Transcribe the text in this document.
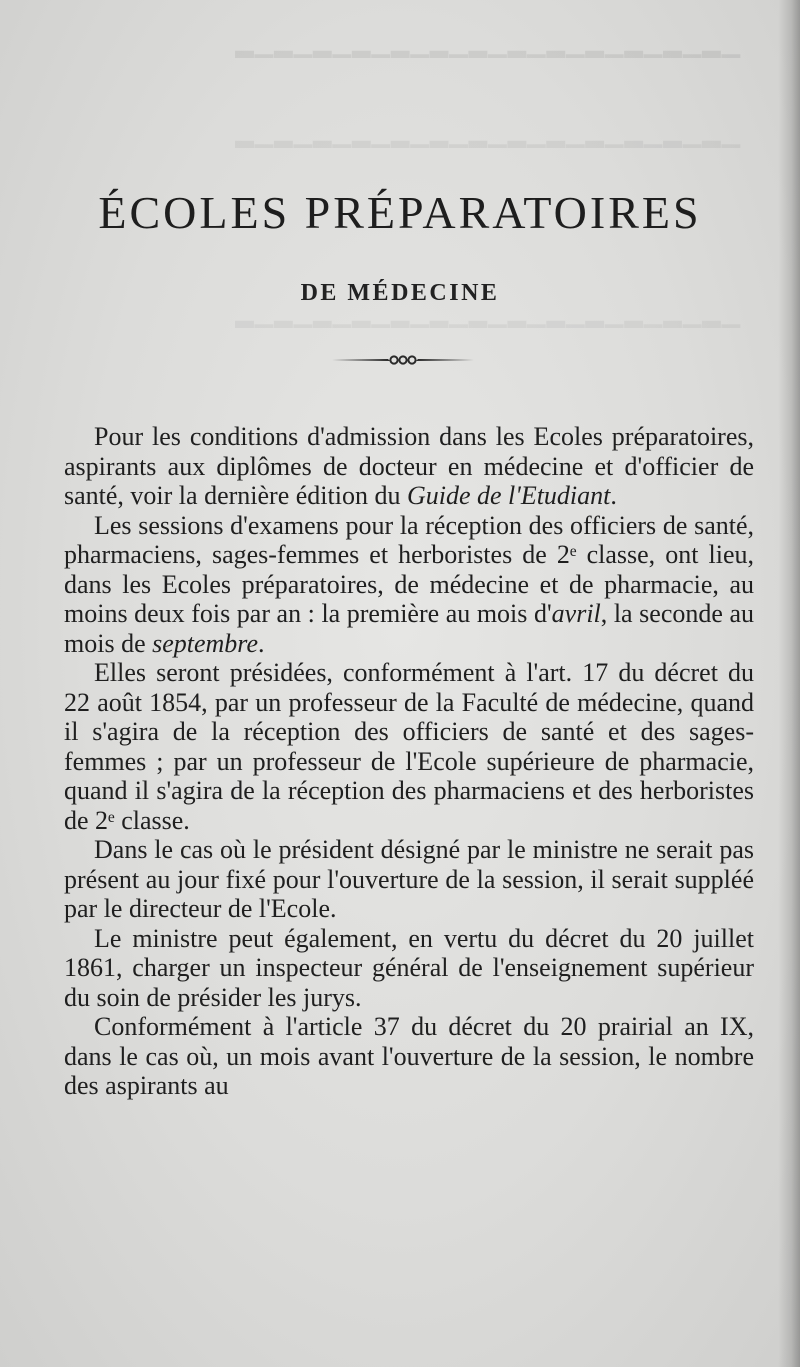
▁▂▁▂▁▂▁▂▁▂▁▂▁▂▁▂▁▂▁▂▁▂▁▂▁▂
▁▂▁▂▁▂▁▂▁▂▁▂▁▂▁▂▁▂▁▂▁▂▁▂▁▂
▁▂▁▂▁▂▁▂▁▂▁▂▁▂▁▂▁▂▁▂▁▂▁▂▁▂
ÉCOLES PRÉPARATOIRES
DE MÉDECINE

Pour les conditions d'admission dans les Ecoles préparatoires, aspirants aux diplômes de docteur en médecine et d'officier de santé, voir la dernière édition du Guide de l'Etudiant.

Les sessions d'examens pour la réception des officiers de santé, pharmaciens, sages-femmes et herboristes de 2ᵉ classe, ont lieu, dans les Ecoles préparatoires, de médecine et de pharmacie, au moins deux fois par an : la première au mois d'avril, la seconde au mois de septembre.

Elles seront présidées, conformément à l'art. 17 du décret du 22 août 1854, par un professeur de la Faculté de médecine, quand il s'agira de la réception des officiers de santé et des sages-femmes ; par un professeur de l'Ecole supérieure de pharmacie, quand il s'agira de la réception des pharmaciens et des herboristes de 2ᵉ classe.

Dans le cas où le président désigné par le ministre ne serait pas présent au jour fixé pour l'ouverture de la session, il serait suppléé par le directeur de l'Ecole.

Le ministre peut également, en vertu du décret du 20 juillet 1861, charger un inspecteur général de l'enseignement supérieur du soin de présider les jurys.

Conformément à l'article 37 du décret du 20 prairial an IX, dans le cas où, un mois avant l'ouverture de la session, le nombre des aspirants au
